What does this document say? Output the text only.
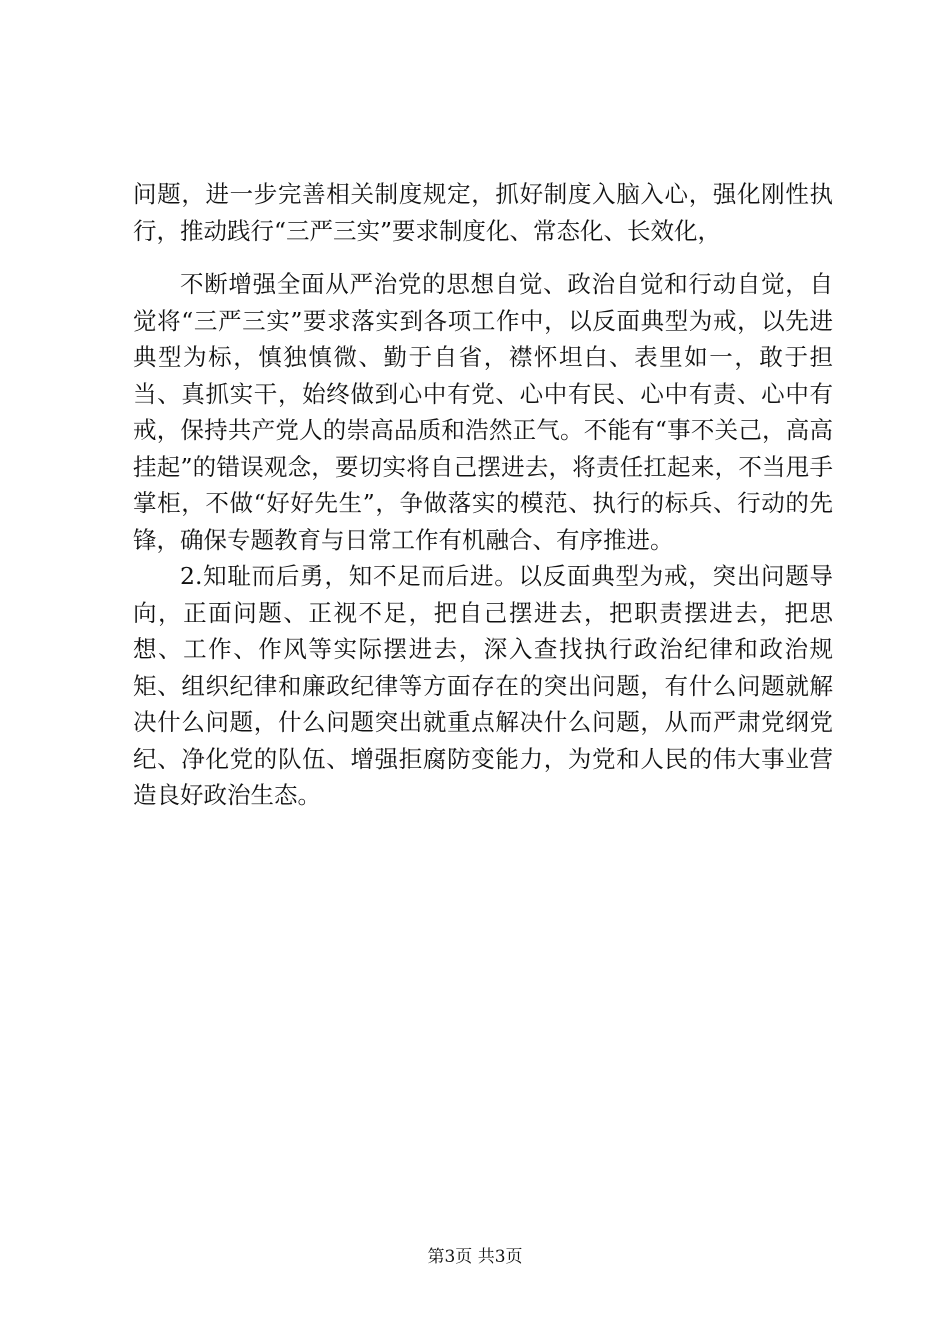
问题，进一步完善相关制度规定，抓好制度入脑入心，强化刚性执行，推动践行“三严三实”要求制度化、常态化、长效化，

不断增强全面从严治党的思想自觉、政治自觉和行动自觉，自觉将“三严三实”要求落实到各项工作中，以反面典型为戒，以先进典型为标，慎独慎微、勤于自省，襟怀坦白、表里如一，敢于担当、真抓实干，始终做到心中有党、心中有民、心中有责、心中有戒，保持共产党人的崇高品质和浩然正气。不能有“事不关己，高高挂起”的错误观念，要切实将自己摆进去，将责任扛起来，不当甩手掌柜，不做“好好先生”，争做落实的模范、执行的标兵、行动的先锋，确保专题教育与日常工作有机融合、有序推进。

2.知耻而后勇，知不足而后进。以反面典型为戒，突出问题导向，正面问题、正视不足，把自己摆进去，把职责摆进去，把思想、工作、作风等实际摆进去，深入查找执行政治纪律和政治规矩、组织纪律和廉政纪律等方面存在的突出问题，有什么问题就解决什么问题，什么问题突出就重点解决什么问题，从而严肃党纲党纪、净化党的队伍、增强拒腐防变能力，为党和人民的伟大事业营造良好政治生态。

第3页 共3页
